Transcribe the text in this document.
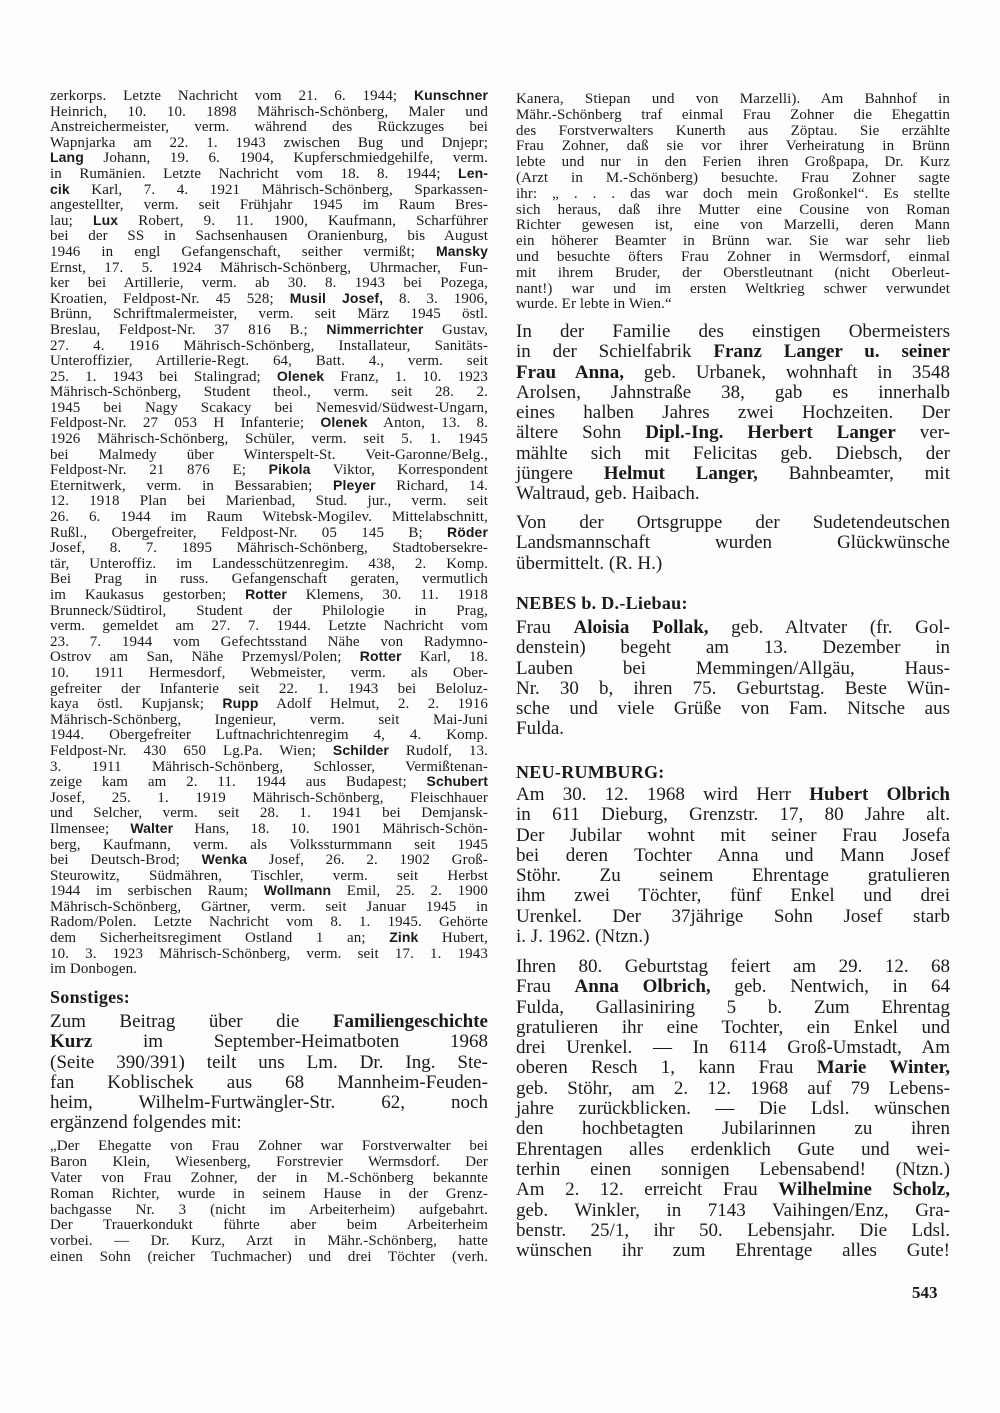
zerkorps. Letzte Nachricht vom 21. 6. 1944; Kunschner
Heinrich, 10. 10. 1898 Mährisch-Schönberg, Maler und
Anstreichermeister, verm. während des Rückzuges bei
Wapnjarka am 22. 1. 1943 zwischen Bug und Dnjepr;
Lang Johann, 19. 6. 1904, Kupferschmiedgehilfe, verm.
in Rumänien. Letzte Nachricht vom 18. 8. 1944; Len-
cik Karl, 7. 4. 1921 Mährisch-Schönberg, Sparkassen-
angestellter, verm. seit Frühjahr 1945 im Raum Bres-
lau; Lux Robert, 9. 11. 1900, Kaufmann, Scharführer
bei der SS in Sachsenhausen Oranienburg, bis August
1946 in engl Gefangenschaft, seither vermißt; Mansky
Ernst, 17. 5. 1924 Mährisch-Schönberg, Uhrmacher, Fun-
ker bei Artillerie, verm. ab 30. 8. 1943 bei Pozega,
Kroatien, Feldpost-Nr. 45 528; Musil Josef, 8. 3. 1906,
Brünn, Schriftmalermeister, verm. seit März 1945 östl.
Breslau, Feldpost-Nr. 37 816 B.; Nimmerrichter Gustav,
27. 4. 1916 Mährisch-Schönberg, Installateur, Sanitäts-
Unteroffizier, Artillerie-Regt. 64, Batt. 4., verm. seit
25. 1. 1943 bei Stalingrad; Olenek Franz, 1. 10. 1923
Mährisch-Schönberg, Student theol., verm. seit 28. 2.
1945 bei Nagy Scakacy bei Nemesvid/Südwest-Ungarn,
Feldpost-Nr. 27 053 H Infanterie; Olenek Anton, 13. 8.
1926 Mährisch-Schönberg, Schüler, verm. seit 5. 1. 1945
bei Malmedy über Winterspelt-St. Veit-Garonne/Belg.,
Feldpost-Nr. 21 876 E; Pikola Viktor, Korrespondent
Eternitwerk, verm. in Bessarabien; Pleyer Richard, 14.
12. 1918 Plan bei Marienbad, Stud. jur., verm. seit
26. 6. 1944 im Raum Witebsk-Mogilev. Mittelabschnitt,
Rußl., Obergefreiter, Feldpost-Nr. 05 145 B; Röder
Josef, 8. 7. 1895 Mährisch-Schönberg, Stadtobersekre-
tär, Unteroffiz. im Landesschützenregim. 438, 2. Komp.
Bei Prag in russ. Gefangenschaft geraten, vermutlich
im Kaukasus gestorben; Rotter Klemens, 30. 11. 1918
Brunneck/Südtirol, Student der Philologie in Prag,
verm. gemeldet am 27. 7. 1944. Letzte Nachricht vom
23. 7. 1944 vom Gefechtsstand Nähe von Radymno-
Ostrov am San, Nähe Przemysl/Polen; Rotter Karl, 18.
10. 1911 Hermesdorf, Webmeister, verm. als Ober-
gefreiter der Infanterie seit 22. 1. 1943 bei Beloluz-
kaya östl. Kupjansk; Rupp Adolf Helmut, 2. 2. 1916
Mährisch-Schönberg, Ingenieur, verm. seit Mai-Juni
1944. Obergefreiter Luftnachrichtenregim 4, 4. Komp.
Feldpost-Nr. 430 650 Lg.Pa. Wien; Schilder Rudolf, 13.
3. 1911 Mährisch-Schönberg, Schlosser, Vermißtenan-
zeige kam am 2. 11. 1944 aus Budapest; Schubert
Josef, 25. 1. 1919 Mährisch-Schönberg, Fleischhauer
und Selcher, verm. seit 28. 1. 1941 bei Demjansk-
Ilmensee; Walter Hans, 18. 10. 1901 Mährisch-Schön-
berg, Kaufmann, verm. als Volkssturmmann seit 1945
bei Deutsch-Brod; Wenka Josef, 26. 2. 1902 Groß-
Steurowitz, Südmähren, Tischler, verm. seit Herbst
1944 im serbischen Raum; Wollmann Emil, 25. 2. 1900
Mährisch-Schönberg, Gärtner, verm. seit Januar 1945 in
Radom/Polen. Letzte Nachricht vom 8. 1. 1945. Gehörte
dem Sicherheitsregiment Ostland 1 an; Zink Hubert,
10. 3. 1923 Mährisch-Schönberg, verm. seit 17. 1. 1943
im Donbogen.
Sonstiges:
Zum Beitrag über die Familiengeschichte
Kurz im September-Heimatboten 1968
(Seite 390/391) teilt uns Lm. Dr. Ing. Ste-
fan Koblischek aus 68 Mannheim-Feuden-
heim, Wilhelm-Furtwängler-Str. 62, noch
ergänzend folgendes mit:
„Der Ehegatte von Frau Zohner war Forstverwalter bei
Baron Klein, Wiesenberg, Forstrevier Wermsdorf. Der
Vater von Frau Zohner, der in M.-Schönberg bekannte
Roman Richter, wurde in seinem Hause in der Grenz-
bachgasse Nr. 3 (nicht im Arbeiterheim) aufgebahrt.
Der Trauerkondukt führte aber beim Arbeiterheim
vorbei. — Dr. Kurz, Arzt in Mähr.-Schönberg, hatte
einen Sohn (reicher Tuchmacher) und drei Töchter (verh.
Kanera, Stiepan und von Marzelli). Am Bahnhof in
Mähr.-Schönberg traf einmal Frau Zohner die Ehegattin
des Forstverwalters Kunerth aus Zöptau. Sie erzählte
Frau Zohner, daß sie vor ihrer Verheiratung in Brünn
lebte und nur in den Ferien ihren Großpapa, Dr. Kurz
(Arzt in M.-Schönberg) besuchte. Frau Zohner sagte
ihr: „ . . . das war doch mein Großonkel“. Es stellte
sich heraus, daß ihre Mutter eine Cousine von Roman
Richter gewesen ist, eine von Marzelli, deren Mann
ein höherer Beamter in Brünn war. Sie war sehr lieb
und besuchte öfters Frau Zohner in Wermsdorf, einmal
mit ihrem Bruder, der Oberstleutnant (nicht Oberleut-
nant!) war und im ersten Weltkrieg schwer verwundet
wurde. Er lebte in Wien.“
In der Familie des einstigen Obermeisters
in der Schielfabrik Franz Langer u. seiner
Frau Anna, geb. Urbanek, wohnhaft in 3548
Arolsen, Jahnstraße 38, gab es innerhalb
eines halben Jahres zwei Hochzeiten. Der
ältere Sohn Dipl.-Ing. Herbert Langer ver-
mählte sich mit Felicitas geb. Diebsch, der
jüngere Helmut Langer, Bahnbeamter, mit
Waltraud, geb. Haibach.
Von der Ortsgruppe der Sudetendeutschen
Landsmannschaft wurden Glückwünsche
übermittelt. (R. H.)
NEBES b. D.-Liebau:
Frau Aloisia Pollak, geb. Altvater (fr. Gol-
denstein) begeht am 13. Dezember in
Lauben bei Memmingen/Allgäu, Haus-
Nr. 30 b, ihren 75. Geburtstag. Beste Wün-
sche und viele Grüße von Fam. Nitsche aus
Fulda.
NEU-RUMBURG:
Am 30. 12. 1968 wird Herr Hubert Olbrich
in 611 Dieburg, Grenzstr. 17, 80 Jahre alt.
Der Jubilar wohnt mit seiner Frau Josefa
bei deren Tochter Anna und Mann Josef
Stöhr. Zu seinem Ehrentage gratulieren
ihm zwei Töchter, fünf Enkel und drei
Urenkel. Der 37jährige Sohn Josef starb
i. J. 1962. (Ntzn.)
Ihren 80. Geburtstag feiert am 29. 12. 68
Frau Anna Olbrich, geb. Nentwich, in 64
Fulda, Gallasiniring 5 b. Zum Ehrentag
gratulieren ihr eine Tochter, ein Enkel und
drei Urenkel. — In 6114 Groß-Umstadt, Am
oberen Resch 1, kann Frau Marie Winter,
geb. Stöhr, am 2. 12. 1968 auf 79 Lebens-
jahre zurückblicken. — Die Ldsl. wünschen
den hochbetagten Jubilarinnen zu ihren
Ehrentagen alles erdenklich Gute und wei-
terhin einen sonnigen Lebensabend! (Ntzn.)
Am 2. 12. erreicht Frau Wilhelmine Scholz,
geb. Winkler, in 7143 Vaihingen/Enz, Gra-
benstr. 25/1, ihr 50. Lebensjahr. Die Ldsl.
wünschen ihr zum Ehrentage alles Gute!
543
